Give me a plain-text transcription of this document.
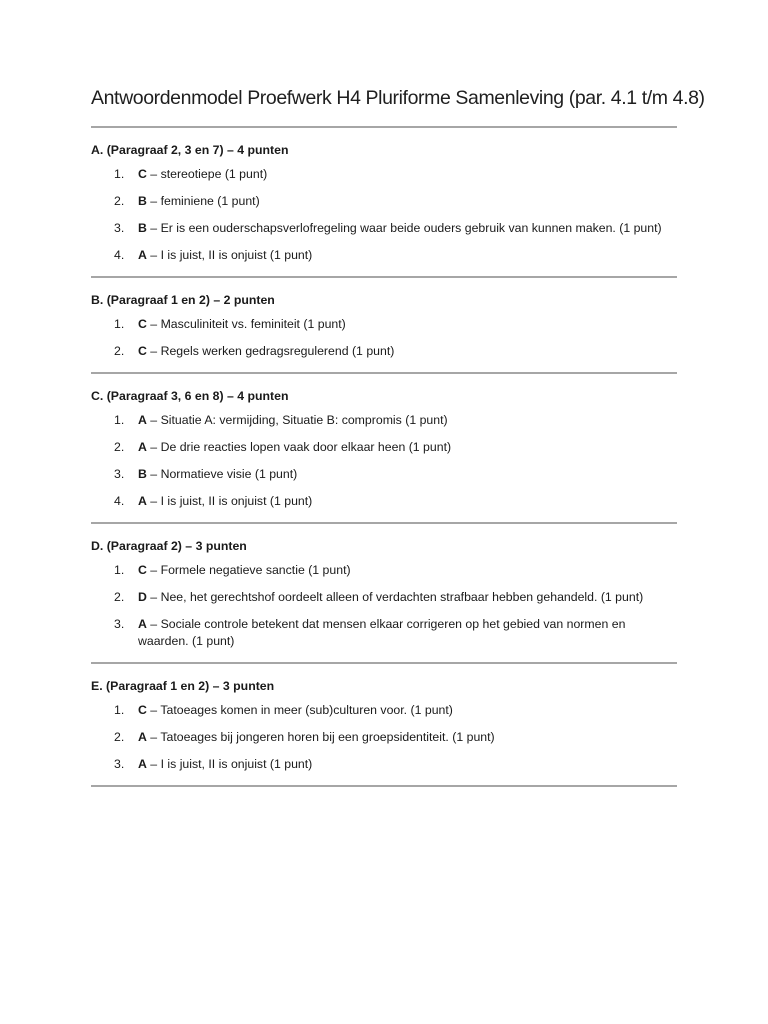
Antwoordenmodel Proefwerk H4 Pluriforme Samenleving (par. 4.1 t/m 4.8)
A. (Paragraaf 2, 3 en 7) – 4 punten
1. C – stereotiepe (1 punt)
2. B – feminiene (1 punt)
3. B – Er is een ouderschapsverlofregeling waar beide ouders gebruik van kunnen maken. (1 punt)
4. A – I is juist, II is onjuist (1 punt)
B. (Paragraaf 1 en 2) – 2 punten
1. C – Masculiniteit vs. feminiteit (1 punt)
2. C – Regels werken gedragsregulerend (1 punt)
C. (Paragraaf 3, 6 en 8) – 4 punten
1. A – Situatie A: vermijding, Situatie B: compromis (1 punt)
2. A – De drie reacties lopen vaak door elkaar heen (1 punt)
3. B – Normatieve visie (1 punt)
4. A – I is juist, II is onjuist (1 punt)
D. (Paragraaf 2) – 3 punten
1. C – Formele negatieve sanctie (1 punt)
2. D – Nee, het gerechtshof oordeelt alleen of verdachten strafbaar hebben gehandeld. (1 punt)
3. A – Sociale controle betekent dat mensen elkaar corrigeren op het gebied van normen en waarden. (1 punt)
E. (Paragraaf 1 en 2) – 3 punten
1. C – Tatoeages komen in meer (sub)culturen voor. (1 punt)
2. A – Tatoeages bij jongeren horen bij een groepsidentiteit. (1 punt)
3. A – I is juist, II is onjuist (1 punt)
